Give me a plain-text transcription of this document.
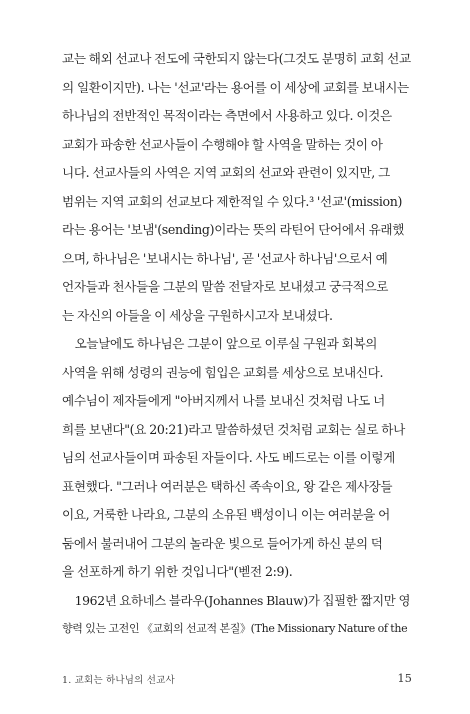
교는 해외 선교나 전도에 국한되지 않는다(그것도 분명히 교회 선교
의 일환이지만). 나는 '선교'라는 용어를 이 세상에 교회를 보내시는
하나님의 전반적인 목적이라는 측면에서 사용하고 있다. 이것은
교회가 파송한 선교사들이 수행해야 할 사역을 말하는 것이 아
니다. 선교사들의 사역은 지역 교회의 선교와 관련이 있지만, 그
범위는 지역 교회의 선교보다 제한적일 수 있다.³ '선교'(mission)
라는 용어는 '보냄'(sending)이라는 뜻의 라틴어 단어에서 유래했
으며, 하나님은 '보내시는 하나님', 곧 '선교사 하나님'으로서 예
언자들과 천사들을 그분의 말씀 전달자로 보내셨고 궁극적으로
는 자신의 아들을 이 세상을 구원하시고자 보내셨다.
오늘날에도 하나님은 그분이 앞으로 이루실 구원과 회복의
사역을 위해 성령의 권능에 힘입은 교회를 세상으로 보내신다.
예수님이 제자들에게 "아버지께서 나를 보내신 것처럼 나도 너
희를 보낸다"(요 20:21)라고 말씀하셨던 것처럼 교회는 실로 하나
님의 선교사들이며 파송된 자들이다. 사도 베드로는 이를 이렇게
표현했다. "그러나 여러분은 택하신 족속이요, 왕 같은 제사장들
이요, 거룩한 나라요, 그분의 소유된 백성이니 이는 여러분을 어
둠에서 불러내어 그분의 놀라운 빛으로 들어가게 하신 분의 덕
을 선포하게 하기 위한 것입니다"(벧전 2:9).
1962년 요하네스 블라우(Johannes Blauw)가 집필한 짧지만 영
향력 있는 고전인 《교회의 선교적 본질》(The Missionary Nature of the
1. 교회는 하나님의 선교사	15
